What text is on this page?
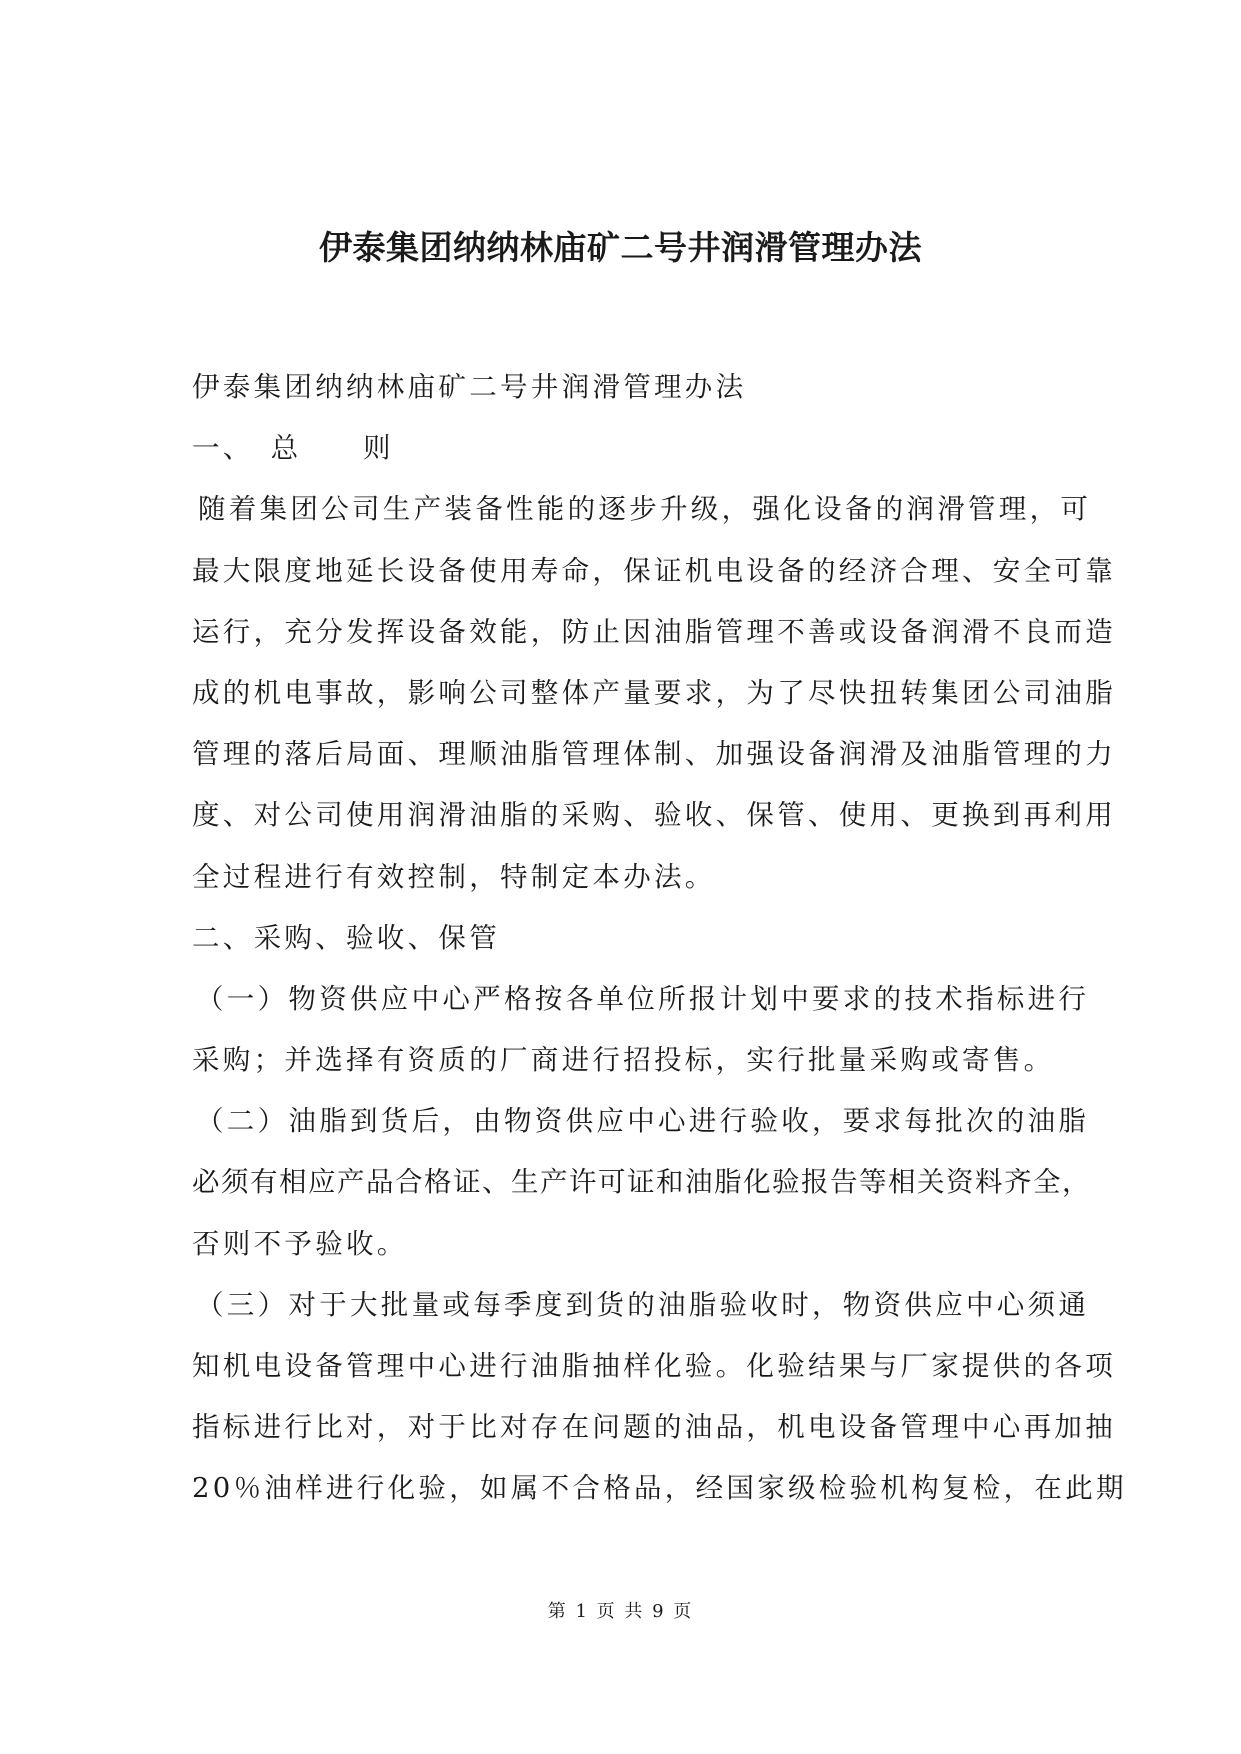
伊泰集团纳纳林庙矿二号井润滑管理办法
伊泰集团纳纳林庙矿二号井润滑管理办法
一、　总　　则
随着集团公司生产装备性能的逐步升级，强化设备的润滑管理，可
最大限度地延长设备使用寿命，保证机电设备的经济合理、安全可靠
运行，充分发挥设备效能，防止因油脂管理不善或设备润滑不良而造
成的机电事故，影响公司整体产量要求，为了尽快扭转集团公司油脂
管理的落后局面、理顺油脂管理体制、加强设备润滑及油脂管理的力
度、对公司使用润滑油脂的采购、验收、保管、使用、更换到再利用
全过程进行有效控制，特制定本办法。
二、采购、验收、保管
（一）物资供应中心严格按各单位所报计划中要求的技术指标进行
采购；并选择有资质的厂商进行招投标，实行批量采购或寄售。
（二）油脂到货后，由物资供应中心进行验收，要求每批次的油脂
必须有相应产品合格证、生产许可证和油脂化验报告等相关资料齐全，
否则不予验收。
（三）对于大批量或每季度到货的油脂验收时，物资供应中心须通
知机电设备管理中心进行油脂抽样化验。化验结果与厂家提供的各项
指标进行比对，对于比对存在问题的油品，机电设备管理中心再加抽
20％油样进行化验，如属不合格品，经国家级检验机构复检，在此期
第 1 页 共 9 页
